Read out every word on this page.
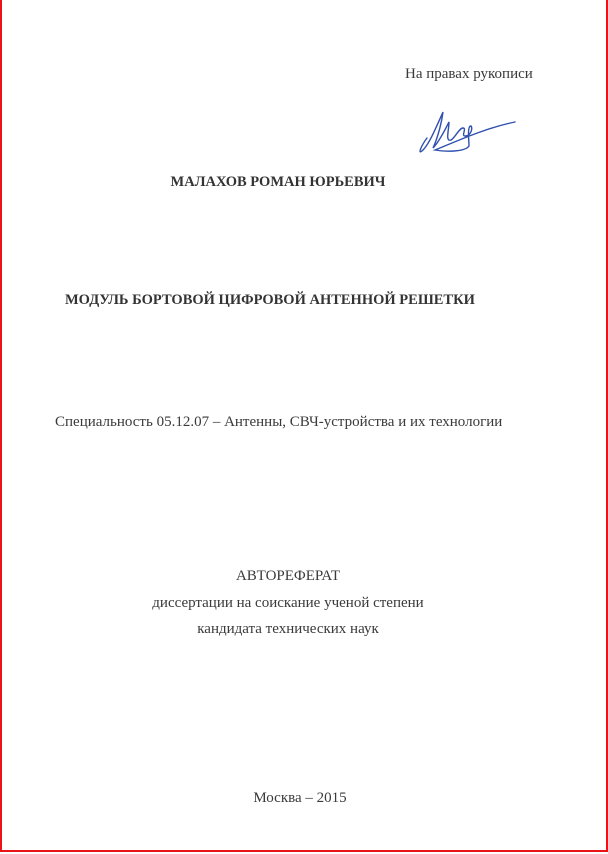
На правах рукописи
МАЛАХОВ РОМАН ЮРЬЕВИЧ
МОДУЛЬ БОРТОВОЙ ЦИФРОВОЙ АНТЕННОЙ РЕШЕТКИ
Специальность 05.12.07 – Антенны, СВЧ-устройства и их технологии
АВТОРЕФЕРАТ
диссертации на соискание ученой степени
кандидата технических наук
Москва – 2015
